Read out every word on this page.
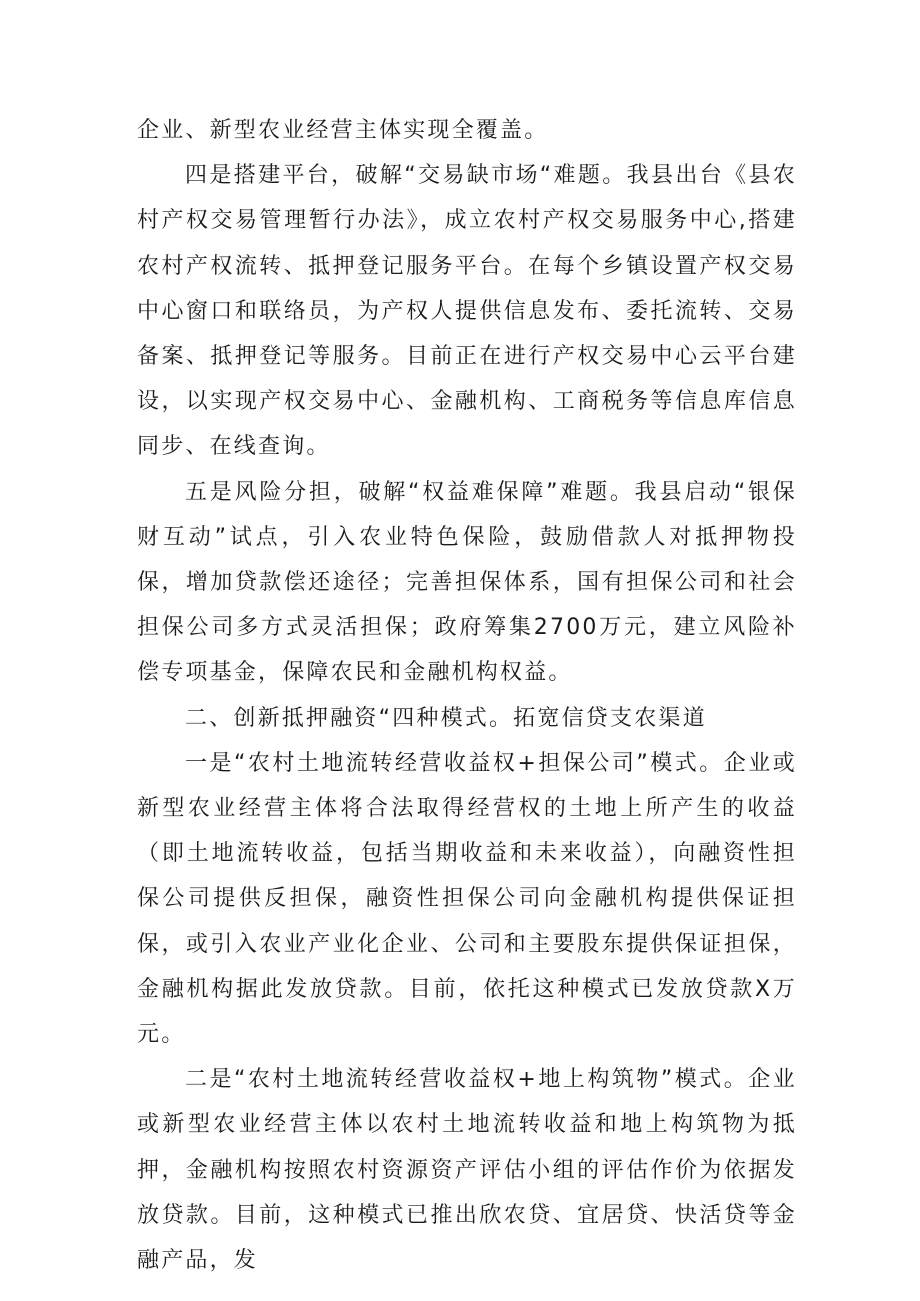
企业、新型农业经营主体实现全覆盖。

四是搭建平台，破解“交易缺市场“难题。我县出台《县农村产权交易管理暂行办法》，成立农村产权交易服务中心,搭建农村产权流转、抵押登记服务平台。在每个乡镇设置产权交易中心窗口和联络员，为产权人提供信息发布、委托流转、交易备案、抵押登记等服务。目前正在进行产权交易中心云平台建设，以实现产权交易中心、金融机构、工商税务等信息库信息同步、在线查询。

五是风险分担，破解“权益难保障”难题。我县启动“银保财互动”试点，引入农业特色保险，鼓励借款人对抵押物投保，增加贷款偿还途径；完善担保体系，国有担保公司和社会担保公司多方式灵活担保；政府筹集2700万元，建立风险补偿专项基金，保障农民和金融机构权益。

二、创新抵押融资“四种模式。拓宽信贷支农渠道

一是“农村土地流转经营收益权+担保公司”模式。企业或新型农业经营主体将合法取得经营权的土地上所产生的收益（即土地流转收益，包括当期收益和未来收益），向融资性担保公司提供反担保，融资性担保公司向金融机构提供保证担保，或引入农业产业化企业、公司和主要股东提供保证担保，金融机构据此发放贷款。目前，依托这种模式已发放贷款X万元。

二是“农村土地流转经营收益权+地上构筑物”模式。企业或新型农业经营主体以农村土地流转收益和地上构筑物为抵押，金融机构按照农村资源资产评估小组的评估作价为依据发放贷款。目前，这种模式已推出欣农贷、宜居贷、快活贷等金融产品，发
